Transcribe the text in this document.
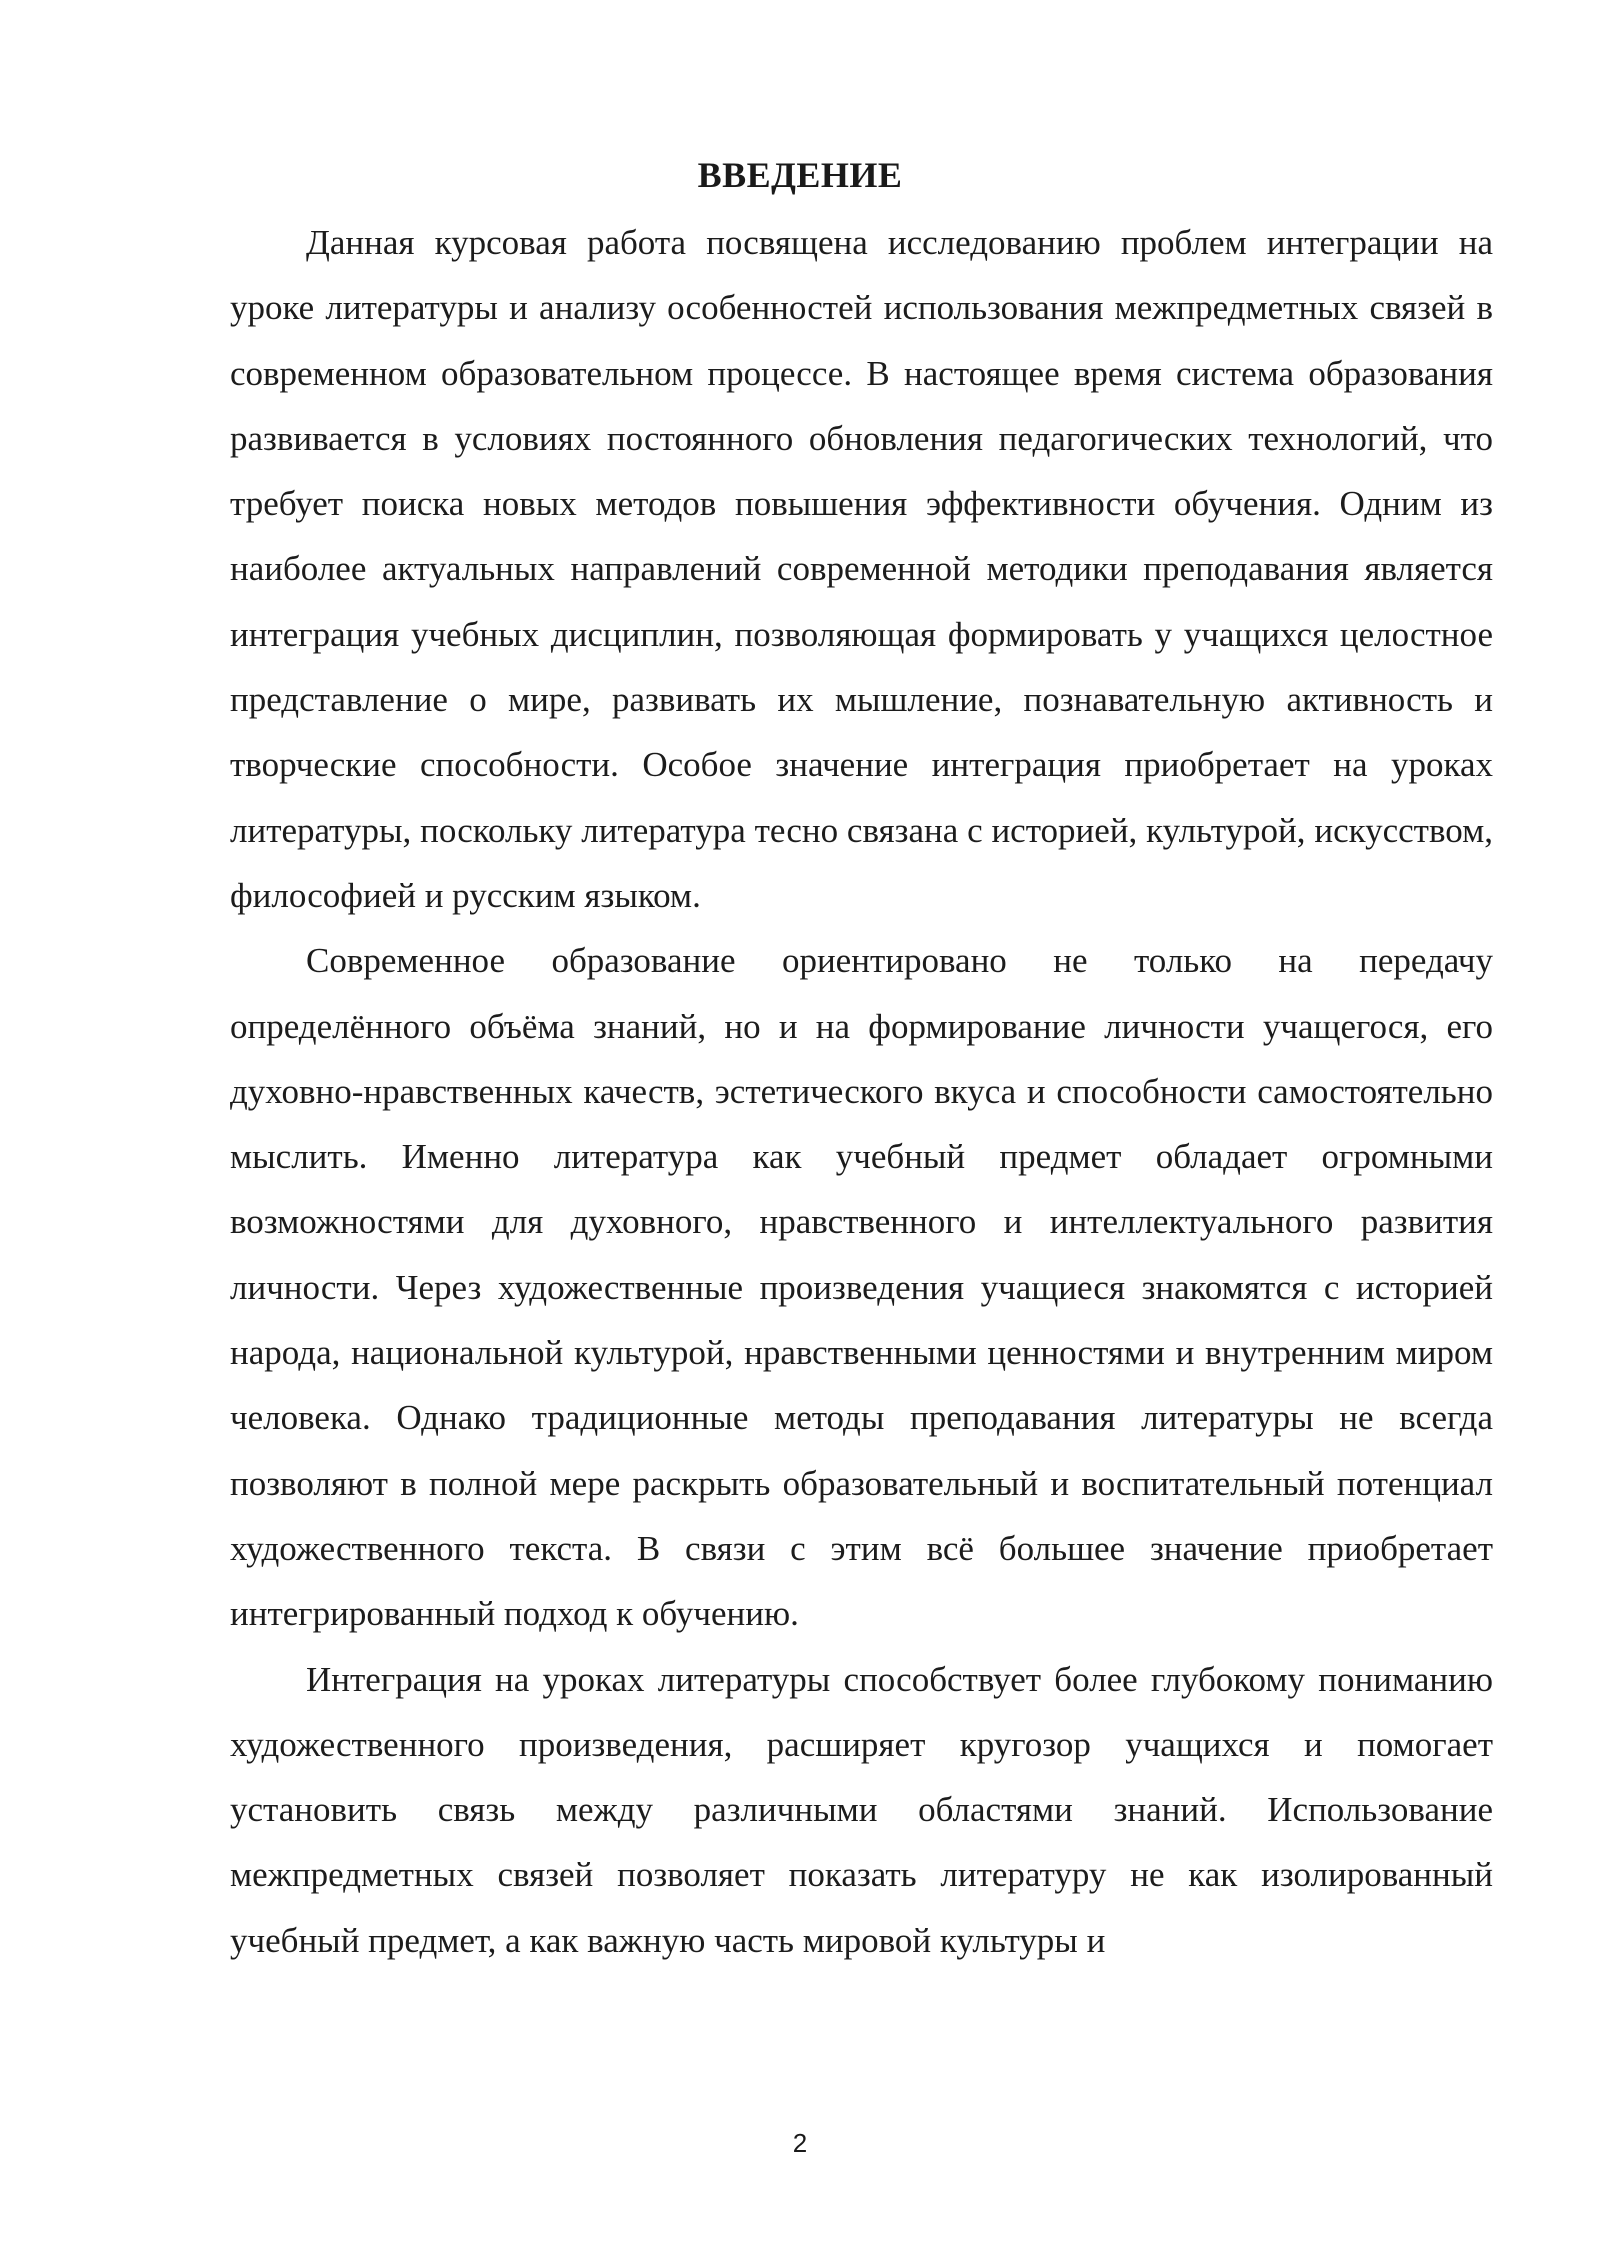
ВВЕДЕНИЕ

Данная курсовая работа посвящена исследованию проблем интеграции на уроке литературы и анализу особенностей использования межпредметных связей в современном образовательном процессе. В настоящее время система образования развивается в условиях постоянного обновления педагогических технологий, что требует поиска новых методов повышения эффективности обучения. Одним из наиболее актуальных направлений современной методики преподавания является интеграция учебных дисциплин, позволяющая формировать у учащихся целостное представление о мире, развивать их мышление, познавательную активность и творческие способности. Особое значение интеграция приобретает на уроках литературы, поскольку литература тесно связана с историей, культурой, искусством, философией и русским языком.

Современное образование ориентировано не только на передачу определённого объёма знаний, но и на формирование личности учащегося, его духовно-нравственных качеств, эстетического вкуса и способности самостоятельно мыслить. Именно литература как учебный предмет обладает огромными возможностями для духовного, нравственного и интеллектуального развития личности. Через художественные произведения учащиеся знакомятся с историей народа, национальной культурой, нравственными ценностями и внутренним миром человека. Однако традиционные методы преподавания литературы не всегда позволяют в полной мере раскрыть образовательный и воспитательный потенциал художественного текста. В связи с этим всё большее значение приобретает интегрированный подход к обучению.

Интеграция на уроках литературы способствует более глубокому пониманию художественного произведения, расширяет кругозор учащихся и помогает установить связь между различными областями знаний. Использование межпредметных связей позволяет показать литературу не как изолированный учебный предмет, а как важную часть мировой культуры и

2
